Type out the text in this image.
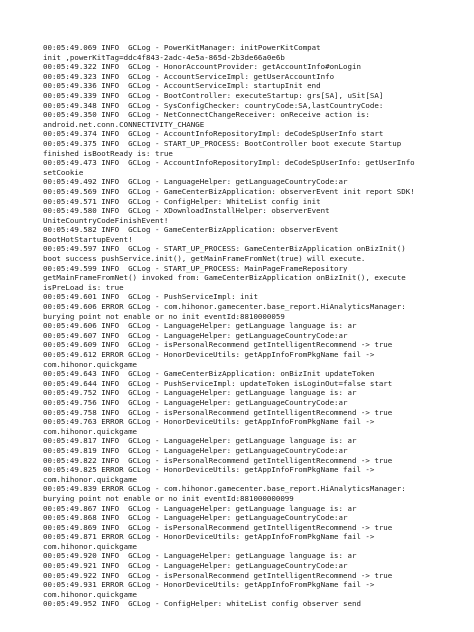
00:05:49.069 INFO  GCLog - PowerKitManager: initPowerKitCompat
init ,powerKitTag=ddc4f843-2adc-4e5a-865d-2b3de66a0e6b
00:05:49.322 INFO  GCLog - HonorAccountProvider: getAccountInfo#onLogin
00:05:49.323 INFO  GCLog - AccountServiceImpl: getUserAccountInfo
00:05:49.336 INFO  GCLog - AccountServiceImpl: startupInit end
00:05:49.339 INFO  GCLog - BootController: executeStartup: grs[SA], uSit[SA]
00:05:49.348 INFO  GCLog - SysConfigChecker: countryCode:SA,lastCountryCode:
00:05:49.350 INFO  GCLog - NetConnectChangeReceiver: onReceive action is:
android.net.conn.CONNECTIVITY_CHANGE
00:05:49.374 INFO  GCLog - AccountInfoRepositoryImpl: deCodeSpUserInfo start
00:05:49.375 INFO  GCLog - START_UP_PROCESS: BootController boot execute Startup
finished isBootReady is: true
00:05:49.473 INFO  GCLog - AccountInfoRepositoryImpl: deCodeSpUserInfo: getUserInfo
setCookie
00:05:49.492 INFO  GCLog - LanguageHelper: getLanguageCountryCode:ar
00:05:49.569 INFO  GCLog - GameCenterBizApplication: observerEvent init report SDK!
00:05:49.571 INFO  GCLog - ConfigHelper: WhiteList config init
00:05:49.580 INFO  GCLog - XDownloadInstallHelper: observerEvent
UniteCountryCodeFinishEvent!
00:05:49.582 INFO  GCLog - GameCenterBizApplication: observerEvent
BootHotStartupEvent!
00:05:49.597 INFO  GCLog - START_UP_PROCESS: GameCenterBizApplication onBizInit()
boot success pushService.init(), getMainFrameFromNet(true) will execute.
00:05:49.599 INFO  GCLog - START_UP_PROCESS: MainPageFrameRepository
getMainFrameFromNet() invoked from: GameCenterBizApplication onBizInit(), execute
isPreLoad is: true
00:05:49.601 INFO  GCLog - PushServiceImpl: init
00:05:49.606 ERROR GCLog - com.hihonor.gamecenter.base_report.HiAnalyticsManager:
burying point not enable or no init eventId:8810000059
00:05:49.606 INFO  GCLog - LanguageHelper: getLanguage language is: ar
00:05:49.607 INFO  GCLog - LanguageHelper: getLanguageCountryCode:ar
00:05:49.609 INFO  GCLog - isPersonalRecommend getIntelligentRecommend -> true
00:05:49.612 ERROR GCLog - HonorDeviceUtils: getAppInfoFromPkgName fail ->
com.hihonor.quickgame
00:05:49.643 INFO  GCLog - GameCenterBizApplication: onBizInit updateToken
00:05:49.644 INFO  GCLog - PushServiceImpl: updateToken isLoginOut=false start
00:05:49.752 INFO  GCLog - LanguageHelper: getLanguage language is: ar
00:05:49.756 INFO  GCLog - LanguageHelper: getLanguageCountryCode:ar
00:05:49.758 INFO  GCLog - isPersonalRecommend getIntelligentRecommend -> true
00:05:49.763 ERROR GCLog - HonorDeviceUtils: getAppInfoFromPkgName fail ->
com.hihonor.quickgame
00:05:49.817 INFO  GCLog - LanguageHelper: getLanguage language is: ar
00:05:49.819 INFO  GCLog - LanguageHelper: getLanguageCountryCode:ar
00:05:49.822 INFO  GCLog - isPersonalRecommend getIntelligentRecommend -> true
00:05:49.825 ERROR GCLog - HonorDeviceUtils: getAppInfoFromPkgName fail ->
com.hihonor.quickgame
00:05:49.839 ERROR GCLog - com.hihonor.gamecenter.base_report.HiAnalyticsManager:
burying point not enable or no init eventId:881000000099
00:05:49.867 INFO  GCLog - LanguageHelper: getLanguage language is: ar
00:05:49.868 INFO  GCLog - LanguageHelper: getLanguageCountryCode:ar
00:05:49.869 INFO  GCLog - isPersonalRecommend getIntelligentRecommend -> true
00:05:49.871 ERROR GCLog - HonorDeviceUtils: getAppInfoFromPkgName fail ->
com.hihonor.quickgame
00:05:49.920 INFO  GCLog - LanguageHelper: getLanguage language is: ar
00:05:49.921 INFO  GCLog - LanguageHelper: getLanguageCountryCode:ar
00:05:49.922 INFO  GCLog - isPersonalRecommend getIntelligentRecommend -> true
00:05:49.931 ERROR GCLog - HonorDeviceUtils: getAppInfoFromPkgName fail ->
com.hihonor.quickgame
00:05:49.952 INFO  GCLog - ConfigHelper: whiteList config observer send
